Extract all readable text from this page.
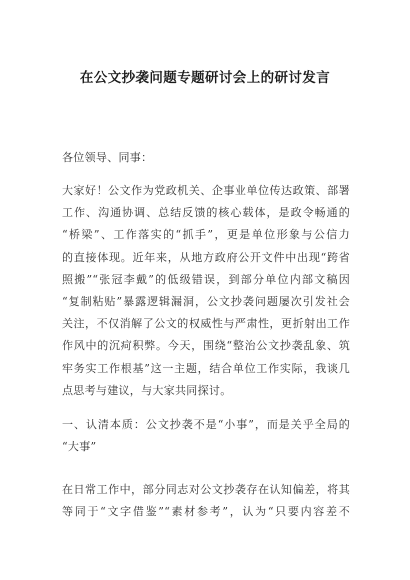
在公文抄袭问题专题研讨会上的研讨发言
各位领导、同事：
大家好！公文作为党政机关、企事业单位传达政策、部署
工作、沟通协调、总结反馈的核心载体，是政令畅通的
“桥梁”、工作落实的“抓手”，更是单位形象与公信力
的直接体现。近年来，从地方政府公开文件中出现“跨省
照搬”“张冠李戴”的低级错误，到部分单位内部文稿因
“复制粘贴”暴露逻辑漏洞，公文抄袭问题屡次引发社会
关注，不仅消解了公文的权威性与严肃性，更折射出工作
作风中的沉疴积弊。今天，围绕“整治公文抄袭乱象、筑
牢务实工作根基”这一主题，结合单位工作实际，我谈几
点思考与建议，与大家共同探讨。
一、认清本质：公文抄袭不是“小事”，而是关乎全局的
“大事”
在日常工作中，部分同志对公文抄袭存在认知偏差，将其
等同于“文字借鉴”“素材参考”，认为“只要内容差不
